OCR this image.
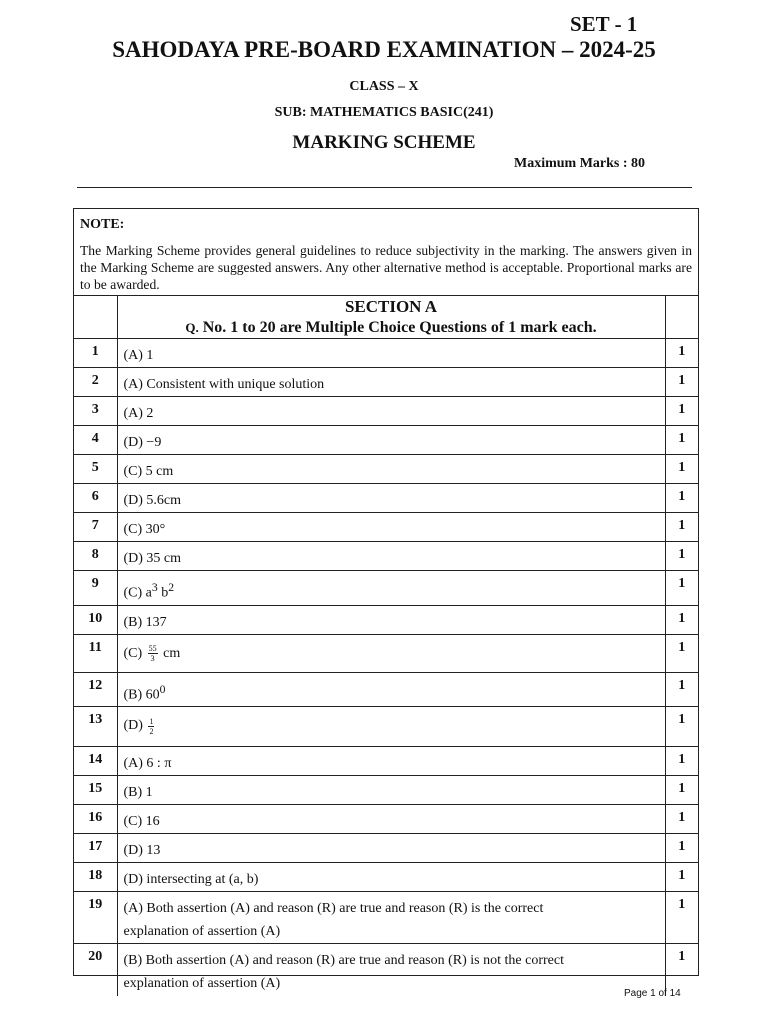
SET - 1
SAHODAYA PRE-BOARD EXAMINATION – 2024-25
CLASS – X
SUB: MATHEMATICS BASIC(241)
MARKING SCHEME
Maximum Marks : 80
NOTE:
The Marking Scheme provides general guidelines to reduce subjectivity in the marking. The answers given in the Marking Scheme are suggested answers. Any other alternative method is acceptable. Proportional marks are to be awarded.

	SECTION A
Q. No. 1 to 20 are Multiple Choice Questions of 1 mark each.	

1	(A) 1	1
2	(A) Consistent with unique solution	1
3	(A) 2	1
4	(D) −9	1
5	(C) 5 cm	1
6	(D) 5.6cm	1
7	(C) 30°	1
8	(D) 35 cm	1
9	(C) $a^3$ $b^2$	1
10	(B) 137	1
11	$(C) \frac{55}{3}$ cm	1
12	(B) $60^0$	1
13	$(D) \frac{1}{2}$	1
14	(A) 6 : π	1
15	(B) 1	1
16	(C) 16	1
17	(D) 13	1
18	(D) intersecting at (a, b)	1
19	(A) Both assertion (A) and reason (R) are true and reason (R) is the correct
explanation of assertion (A)	1
20	(B) Both assertion (A) and reason (R) are true and reason (R) is not the correct
explanation of assertion (A)	1
Page 1 of 14
